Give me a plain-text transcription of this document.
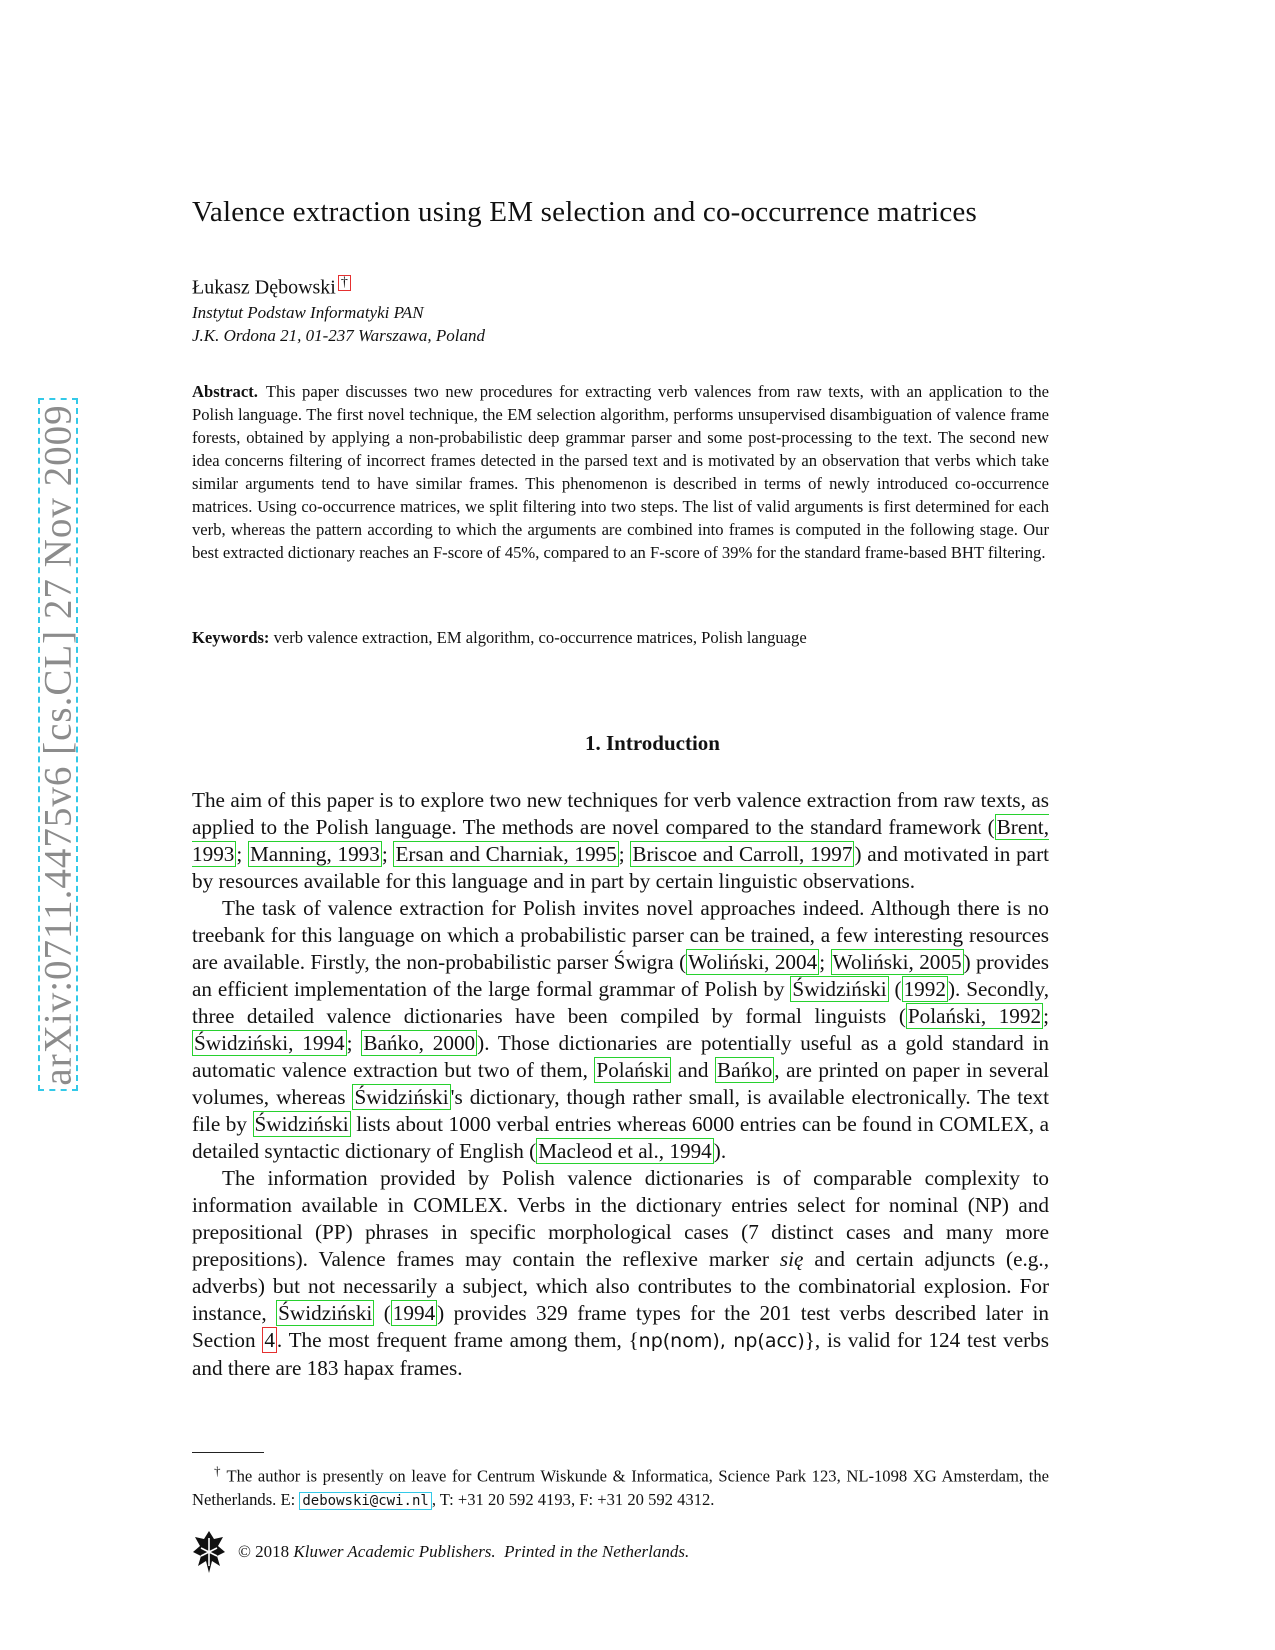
arXiv:0711.4475v6 [cs.CL] 27 Nov 2009
Valence extraction using EM selection and co-occurrence matrices
Łukasz Dębowski †
Instytut Podstaw Informatyki PAN
J.K. Ordona 21, 01-237 Warszawa, Poland
Abstract. This paper discusses two new procedures for extracting verb valences from raw texts, with an application to the Polish language. The first novel technique, the EM selection algorithm, performs unsupervised disambiguation of valence frame forests, obtained by applying a non-probabilistic deep grammar parser and some post-processing to the text. The second new idea concerns filtering of incorrect frames detected in the parsed text and is motivated by an observation that verbs which take similar arguments tend to have similar frames. This phenomenon is described in terms of newly introduced co-occurrence matrices. Using co-occurrence matrices, we split filtering into two steps. The list of valid arguments is first determined for each verb, whereas the pattern according to which the arguments are combined into frames is computed in the following stage. Our best extracted dictionary reaches an F-score of 45%, compared to an F-score of 39% for the standard frame-based BHT filtering.
Keywords: verb valence extraction, EM algorithm, co-occurrence matrices, Polish language
1. Introduction

The aim of this paper is to explore two new techniques for verb valence extraction from raw texts, as applied to the Polish language. The methods are novel compared to the standard framework (Brent, 1993; Manning, 1993; Ersan and Charniak, 1995; Briscoe and Carroll, 1997) and motivated in part by resources available for this language and in part by certain linguistic observations.

The task of valence extraction for Polish invites novel approaches indeed. Although there is no treebank for this language on which a probabilistic parser can be trained, a few interesting resources are available. Firstly, the non-probabilistic parser Świgra (Woliński, 2004; Woliński, 2005) provides an efficient implementation of the large formal grammar of Polish by Świdziński (1992). Secondly, three detailed valence dictionaries have been compiled by formal linguists (Polański, 1992; Świdziński, 1994; Bańko, 2000). Those dictionaries are potentially useful as a gold standard in automatic valence extraction but two of them, Polański and Bańko, are printed on paper in several volumes, whereas Świdziński's dictionary, though rather small, is available electronically. The text file by Świdziński lists about 1000 verbal entries whereas 6000 entries can be found in COMLEX, a detailed syntactic dictionary of English (Macleod et al., 1994).

The information provided by Polish valence dictionaries is of comparable complexity to information available in COMLEX. Verbs in the dictionary entries select for nominal (NP) and prepositional (PP) phrases in specific morphological cases (7 distinct cases and many more prepositions). Valence frames may contain the reflexive marker się and certain adjuncts (e.g., adverbs) but not necessarily a subject, which also contributes to the combinatorial explosion. For instance, Świdziński (1994) provides 329 frame types for the 201 test verbs described later in Section 4. The most frequent frame among them, {np(nom), np(acc)}, is valid for 124 test verbs and there are 183 hapax frames.

† The author is presently on leave for Centrum Wiskunde & Informatica, Science Park 123, NL-1098 XG Amsterdam, the Netherlands. E: debowski@cwi.nl , T: +31 20 592 4193, F: +31 20 592 4312.
© 2018
Kluwer Academic Publishers.
Printed in the Netherlands.
